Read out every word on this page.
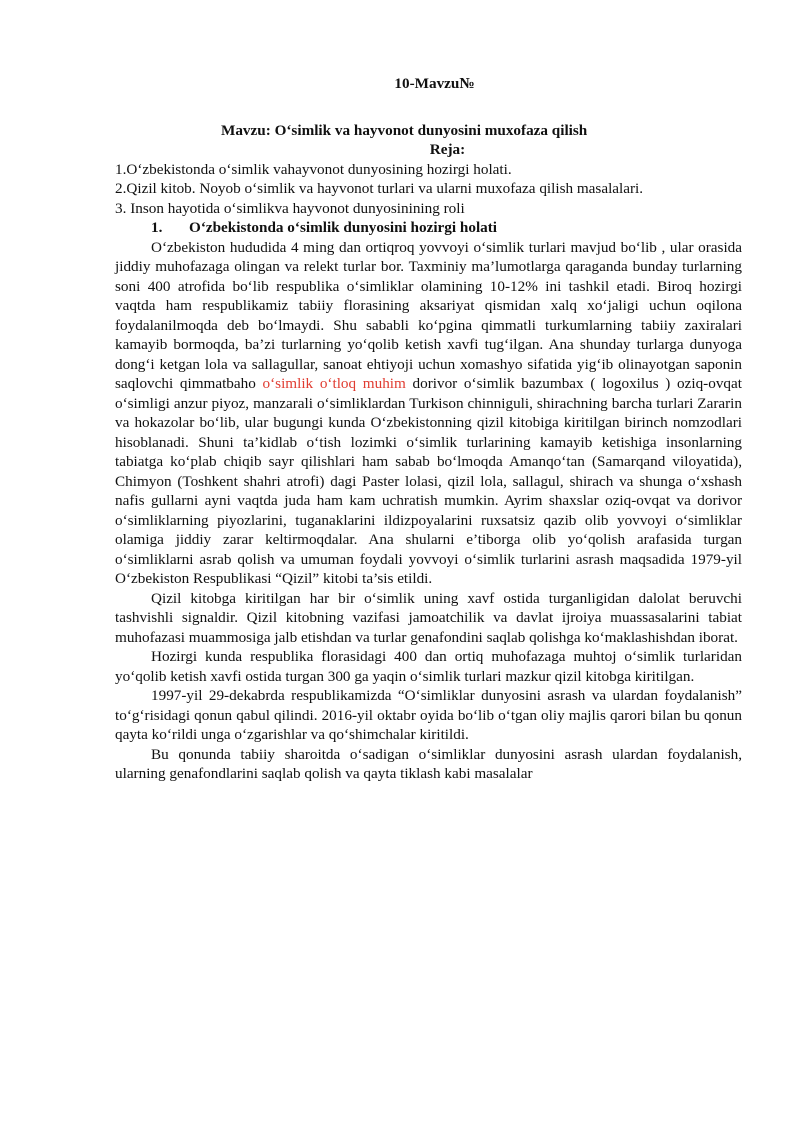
10-Mavzu№

Mavzu: O‘simlik va hayvonot dunyosini muxofaza qilish

Reja:

1.O‘zbekistonda o‘simlik vahayvonot dunyosining hozirgi holati.

2.Qizil kitob. Noyob o‘simlik va hayvonot turlari va ularni muxofaza qilish masalalari.

3. Inson hayotida o‘simlikva hayvonot dunyosinining roli

1. O‘zbekistonda o‘simlik dunyosini hozirgi holati

O‘zbekiston hududida 4 ming dan ortiqroq yovvoyi o‘simlik turlari mavjud bo‘lib , ular orasida jiddiy muhofazaga olingan va relekt turlar bor. Taxminiy ma’lumotlarga qaraganda bunday turlarning soni 400 atrofida bo‘lib respublika o‘simliklar olamining 10-12% ini tashkil etadi. Biroq hozirgi vaqtda ham respublikamiz tabiiy florasining aksariyat qismidan xalq xo‘jaligi uchun oqilona foydalanilmoqda deb bo‘lmaydi. Shu sababli ko‘pgina qimmatli turkumlarning tabiiy zaxiralari kamayib bormoqda, ba’zi turlarning yo‘qolib ketish xavfi tug‘ilgan. Ana shunday turlarga dunyoga dong‘i ketgan lola va sallagullar, sanoat ehtiyoji uchun xomashyo sifatida yig‘ib olinayotgan saponin saqlovchi qimmatbaho o‘simlik o‘tloq muhim dorivor o‘simlik bazumbax ( logoxilus ) oziq-ovqat o‘simligi anzur piyoz, manzarali o‘simliklardan Turkison chinniguli, shirachning barcha turlari Zararin va hokazolar bo‘lib, ular bugungi kunda O‘zbekistonning qizil kitobiga kiritilgan birinch nomzodlari hisoblanadi. Shuni ta’kidlab o‘tish lozimki o‘simlik turlarining kamayib ketishiga insonlarning tabiatga ko‘plab chiqib sayr qilishlari ham sabab bo‘lmoqda Amanqo‘tan (Samarqand viloyatida), Chimyon (Toshkent shahri atrofi) dagi Paster lolasi, qizil lola, sallagul, shirach va shunga o‘xshash nafis gullarni ayni vaqtda juda ham kam uchratish mumkin. Ayrim shaxslar oziq-ovqat va dorivor o‘simliklarning piyozlarini, tuganaklarini ildizpoyalarini ruxsatsiz qazib olib yovvoyi o‘simliklar olamiga jiddiy zarar keltirmoqdalar. Ana shularni e’tiborga olib yo‘qolish arafasida turgan o‘simliklarni asrab qolish va umuman foydali yovvoyi o‘simlik turlarini asrash maqsadida 1979-yil O‘zbekiston Respublikasi “Qizil” kitobi ta’sis etildi.

Qizil kitobga kiritilgan har bir o‘simlik uning xavf ostida turganligidan dalolat beruvchi tashvishli signaldir. Qizil kitobning vazifasi jamoatchilik va davlat ijroiya muassasalarini tabiat muhofazasi muammosiga jalb etishdan va turlar genafondini saqlab qolishga ko‘maklashishdan iborat.

Hozirgi kunda respublika florasidagi 400 dan ortiq muhofazaga muhtoj o‘simlik turlaridan yo‘qolib ketish xavfi ostida turgan 300 ga yaqin o‘simlik turlari mazkur qizil kitobga kiritilgan.

1997-yil 29-dekabrda respublikamizda “O‘simliklar dunyosini asrash va ulardan foydalanish” to‘g‘risidagi qonun qabul qilindi. 2016-yil oktabr oyida bo‘lib o‘tgan oliy majlis qarori bilan bu qonun qayta ko‘rildi unga o‘zgarishlar va qo‘shimchalar kiritildi.

Bu qonunda tabiiy sharoitda o‘sadigan o‘simliklar dunyosini asrash ulardan foydalanish, ularning genafondlarini saqlab qolish va qayta tiklash kabi masalalar
